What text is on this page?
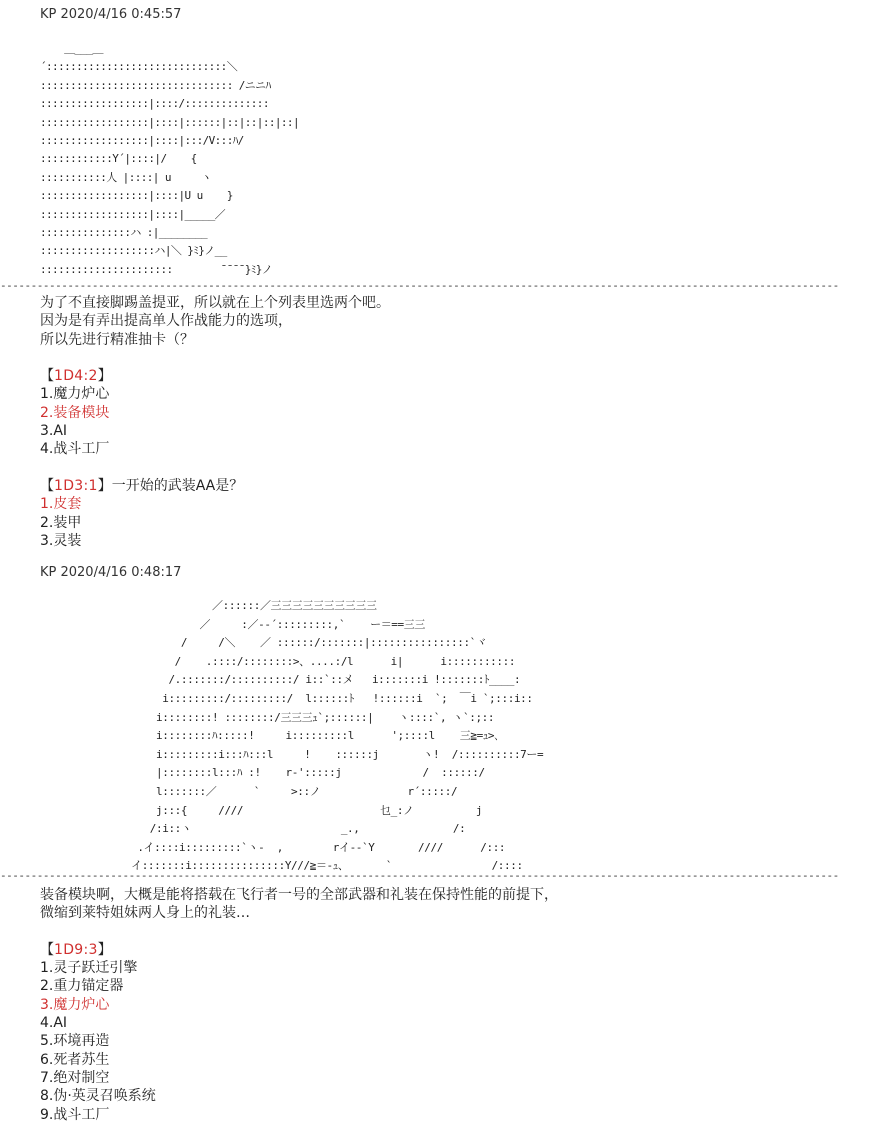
KP 2020/4/16 0:45:57
＿___＿
´::::::::::::::::::::::::::::::＼
:::::::::::::::::::::::::::::::: /ニニﾊ
::::::::::::::::::|::::/::::::::::::::
::::::::::::::::::|::::|::::::|::|::|::|::|
::::::::::::::::::|::::|:::/V:::ﾊ/
::::::::::::Y´|::::|/    {
:::::::::::人 |::::| u     ヽ
::::::::::::::::::|::::|U u    }
::::::::::::::::::|::::|_____／
:::::::::::::::ハ :|________
:::::::::::::::::::ハ|＼ }ﾐ}ノ__
::::::::::::::::::::::        ¯¯¯¯}ﾐ}ノ
‐‐‐‐‐‐‐‐‐‐‐‐‐‐‐‐‐‐‐‐‐‐‐‐‐‐‐‐‐‐‐‐‐‐‐‐‐‐‐‐‐‐‐‐‐‐‐‐‐‐‐‐‐‐‐‐‐‐‐‐‐‐‐‐‐‐‐‐‐‐‐‐‐‐‐‐‐‐‐‐‐‐‐‐‐‐‐‐‐‐‐‐‐‐‐‐‐‐‐‐‐‐‐‐‐‐‐‐‐‐‐‐‐‐‐‐‐‐‐‐‐‐‐‐‐‐‐‐‐‐‐‐‐‐‐‐‐
为了不直接脚踢盖提亚，所以就在上个列表里选两个吧。
因为是有弄出提高单人作战能力的选项，
所以先进行精准抽卡（？
【1D4:2】
1.魔力炉心
2.装备模块
3.AI
4.战斗工厂
【1D3:1】一开始的武装AA是？
1.皮套
2.装甲
3.灵装
KP 2020/4/16 0:48:17
／::::::／三三三三三三三三三三
／     :／-‐´:::::::::,`    ー＝==三三
/     /＼    ／ ::::::/:::::::|::::::::::::::::`ヾ
/    .::::/::::::::>、....:/l      i|      i:::::::::::
/.:::::::/::::::::::/ i::`::メ   i:::::::i !:::::::ﾄ____:
i:::::::::/:::::::::/  l::::::ﾄ   !::::::i  `;  ￣i `;:::i::
i::::::::! ::::::::/三三三ｭ`;::::::|    ヽ::::`, ヽ`:;::
i::::::::ﾊ:::::!     i:::::::::l      ';::::l    三≧=ｭ>､
i:::::::::i:::ﾊ:::l     !    ::::::j       ヽ!  /::::::::::7ー=
|::::::::l:::ﾊ :!    r‐':::::j             /  ::::::/
l:::::::／      `     >::ノ              r´:::::/
j:::{     ////                      乜_:ノ          j
/:i::ヽ                        _.,               /:
.イ::::i:::::::::`ヽ-  ,        rイ-‐`Y       ////      /:::
イ:::::::i:::::::::::::::Y///≧＝-ｭ、      `                /::::
‐‐‐‐‐‐‐‐‐‐‐‐‐‐‐‐‐‐‐‐‐‐‐‐‐‐‐‐‐‐‐‐‐‐‐‐‐‐‐‐‐‐‐‐‐‐‐‐‐‐‐‐‐‐‐‐‐‐‐‐‐‐‐‐‐‐‐‐‐‐‐‐‐‐‐‐‐‐‐‐‐‐‐‐‐‐‐‐‐‐‐‐‐‐‐‐‐‐‐‐‐‐‐‐‐‐‐‐‐‐‐‐‐‐‐‐‐‐‐‐‐‐‐‐‐‐‐‐‐‐‐‐‐‐‐‐‐
装备模块啊，大概是能将搭载在飞行者一号的全部武器和礼装在保持性能的前提下，
微缩到莱特姐妹两人身上的礼装…
【1D9:3】
1.灵子跃迁引擎
2.重力锚定器
3.魔力炉心
4.AI
5.环境再造
6.死者苏生
7.绝对制空
8.伪·英灵召唤系统
9.战斗工厂
